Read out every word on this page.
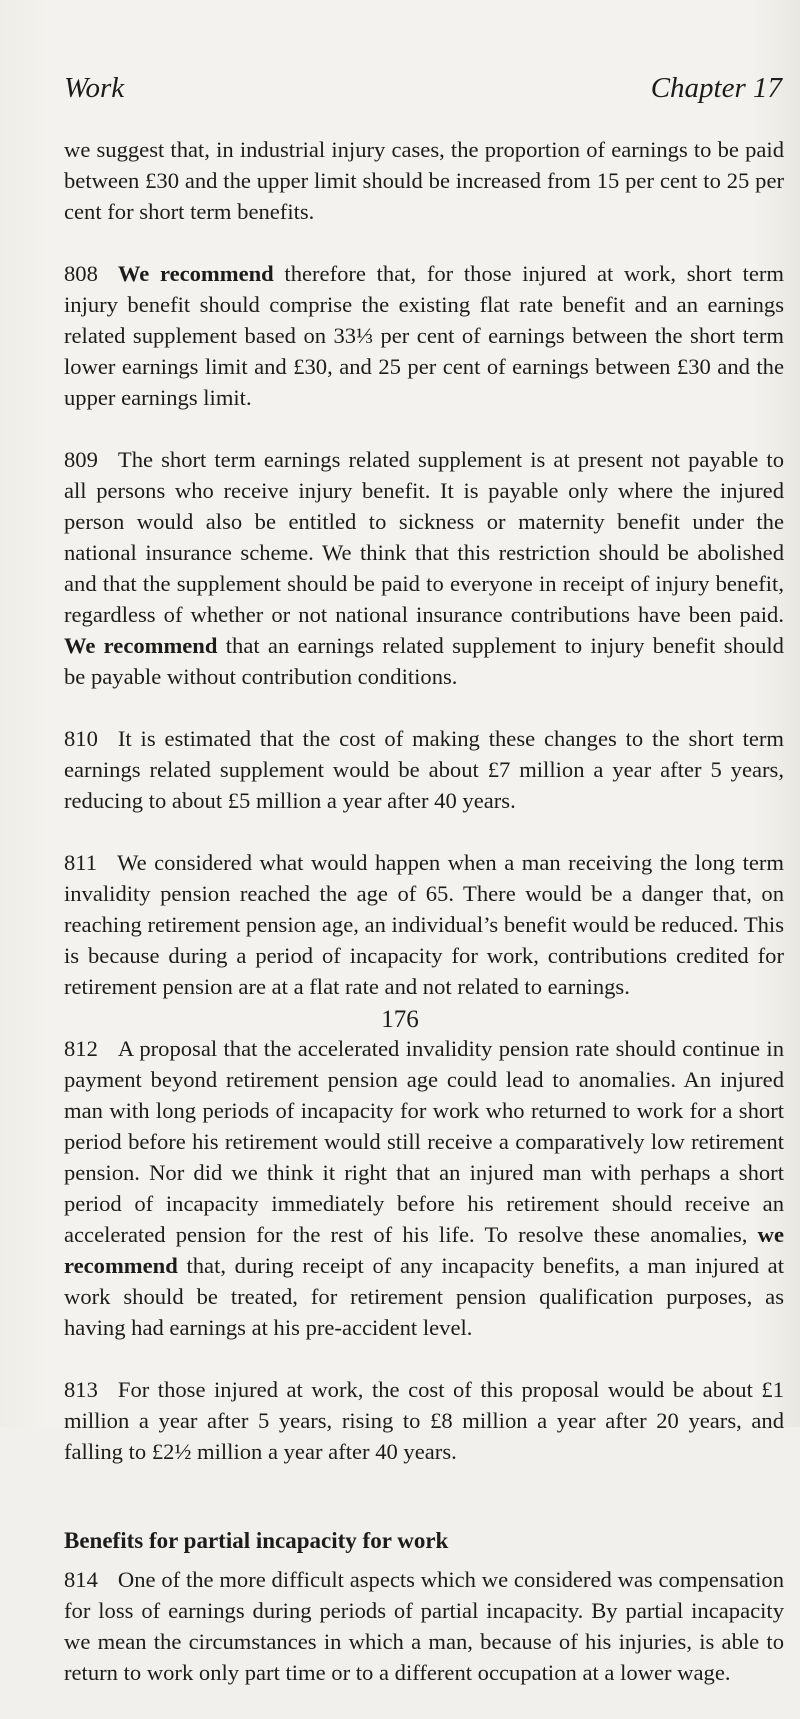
Work	Chapter 17

we suggest that, in industrial injury cases, the proportion of earnings to be paid between £30 and the upper limit should be increased from 15 per cent to 25 per cent for short term benefits.

808 We recommend therefore that, for those injured at work, short term injury benefit should comprise the existing flat rate benefit and an earnings related supplement based on 33⅓ per cent of earnings between the short term lower earnings limit and £30, and 25 per cent of earnings between £30 and the upper earnings limit.

809 The short term earnings related supplement is at present not payable to all persons who receive injury benefit. It is payable only where the injured person would also be entitled to sickness or maternity benefit under the national insurance scheme. We think that this restriction should be abolished and that the supplement should be paid to everyone in receipt of injury benefit, regardless of whether or not national insurance contributions have been paid. We recommend that an earnings related supplement to injury benefit should be payable without contribution conditions.

810 It is estimated that the cost of making these changes to the short term earnings related supplement would be about £7 million a year after 5 years, reducing to about £5 million a year after 40 years.

811 We considered what would happen when a man receiving the long term invalidity pension reached the age of 65. There would be a danger that, on reaching retirement pension age, an individual’s benefit would be reduced. This is because during a period of incapacity for work, contributions credited for retirement pension are at a flat rate and not related to earnings.

812 A proposal that the accelerated invalidity pension rate should continue in payment beyond retirement pension age could lead to anomalies. An injured man with long periods of incapacity for work who returned to work for a short period before his retirement would still receive a comparatively low retirement pension. Nor did we think it right that an injured man with perhaps a short period of incapacity immediately before his retirement should receive an accelerated pension for the rest of his life. To resolve these anomalies, we recommend that, during receipt of any incapacity benefits, a man injured at work should be treated, for retirement pension qualification purposes, as having had earnings at his pre-accident level.

813 For those injured at work, the cost of this proposal would be about £1 million a year after 5 years, rising to £8 million a year after 20 years, and falling to £2½ million a year after 40 years.

Benefits for partial incapacity for work

814 One of the more difficult aspects which we considered was compensation for loss of earnings during periods of partial incapacity. By partial incapacity we mean the circumstances in which a man, because of his injuries, is able to return to work only part time or to a different occupation at a lower wage.

176
